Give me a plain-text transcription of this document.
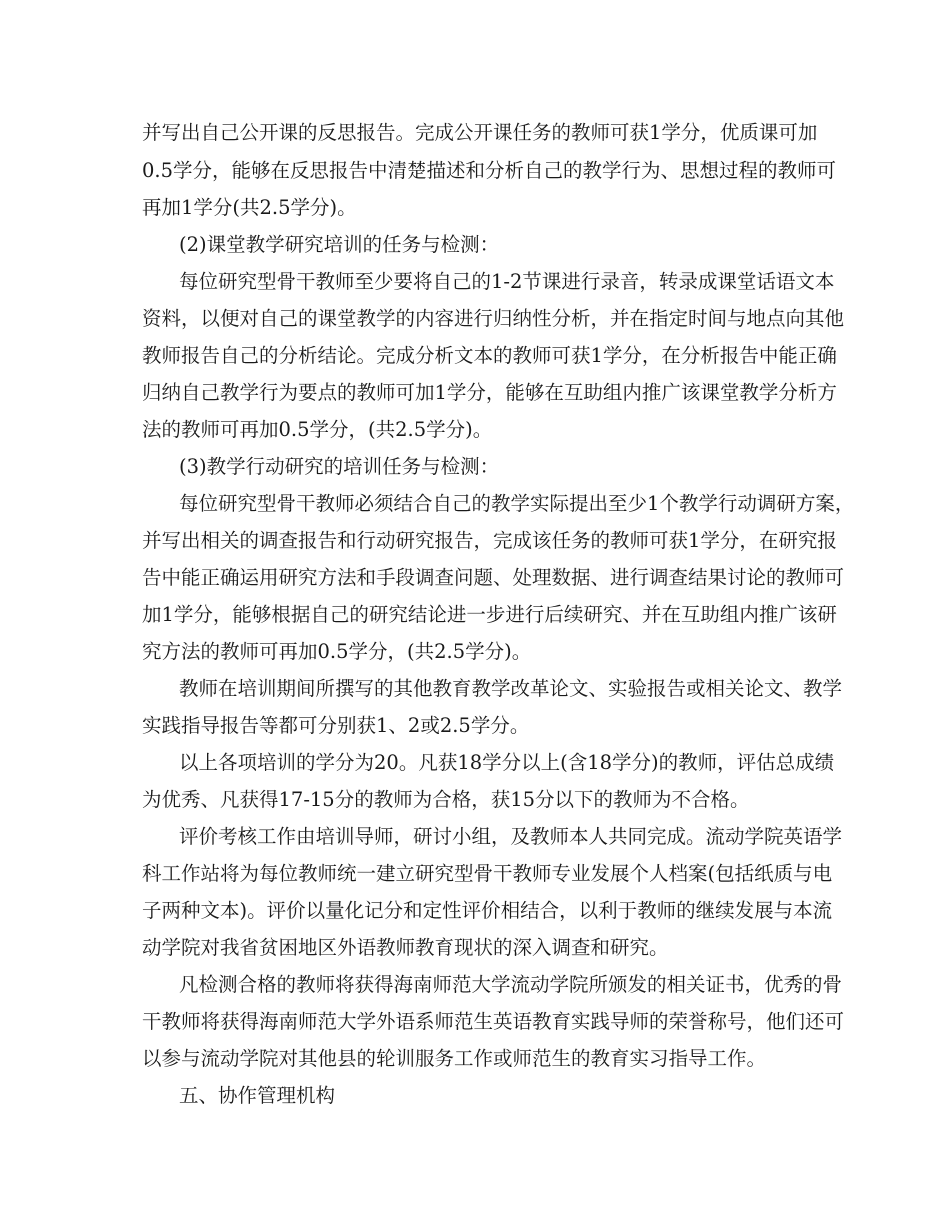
并写出自己公开课的反思报告。完成公开课任务的教师可获1学分，优质课可加

0.5学分，能够在反思报告中清楚描述和分析自己的教学行为、思想过程的教师可

再加1学分(共2.5学分)。

(2)课堂教学研究培训的任务与检测：

每位研究型骨干教师至少要将自己的1-2节课进行录音，转录成课堂话语文本

资料，以便对自己的课堂教学的内容进行归纳性分析，并在指定时间与地点向其他

教师报告自己的分析结论。完成分析文本的教师可获1学分，在分析报告中能正确

归纳自己教学行为要点的教师可加1学分，能够在互助组内推广该课堂教学分析方

法的教师可再加0.5学分，(共2.5学分)。

(3)教学行动研究的培训任务与检测：

每位研究型骨干教师必须结合自己的教学实际提出至少1个教学行动调研方案，

并写出相关的调查报告和行动研究报告，完成该任务的教师可获1学分，在研究报

告中能正确运用研究方法和手段调查问题、处理数据、进行调查结果讨论的教师可

加1学分，能够根据自己的研究结论进一步进行后续研究、并在互助组内推广该研

究方法的教师可再加0.5学分，(共2.5学分)。

教师在培训期间所撰写的其他教育教学改革论文、实验报告或相关论文、教学

实践指导报告等都可分别获1、2或2.5学分。

以上各项培训的学分为20。凡获18学分以上(含18学分)的教师，评估总成绩

为优秀、凡获得17-15分的教师为合格，获15分以下的教师为不合格。

评价考核工作由培训导师，研讨小组，及教师本人共同完成。流动学院英语学

科工作站将为每位教师统一建立研究型骨干教师专业发展个人档案(包括纸质与电

子两种文本)。评价以量化记分和定性评价相结合，以利于教师的继续发展与本流

动学院对我省贫困地区外语教师教育现状的深入调查和研究。

凡检测合格的教师将获得海南师范大学流动学院所颁发的相关证书，优秀的骨

干教师将获得海南师范大学外语系师范生英语教育实践导师的荣誉称号，他们还可

以参与流动学院对其他县的轮训服务工作或师范生的教育实习指导工作。

五、协作管理机构
